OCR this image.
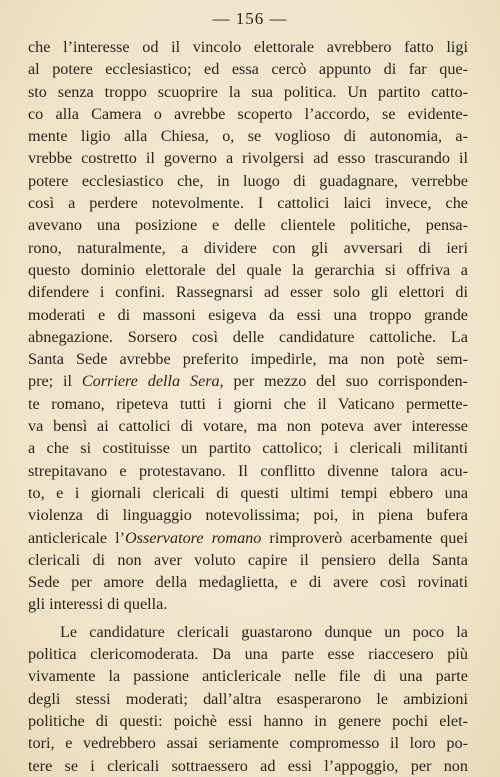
— 156 —
che l’interesse od il vincolo elettorale avrebbero fatto ligi
al potere ecclesiastico; ed essa cercò appunto di far que-
sto senza troppo scuoprire la sua politica. Un partito catto-
co alla Camera o avrebbe scoperto l’accordo, se evidente-
mente ligio alla Chiesa, o, se voglioso di autonomia, a-
vrebbe costretto il governo a rivolgersi ad esso trascurando il
potere ecclesiastico che, in luogo di guadagnare, verrebbe
così a perdere notevolmente. I cattolici laici invece, che
avevano una posizione e delle clientele politiche, pensa-
rono, naturalmente, a dividere con gli avversari di ieri
questo dominio elettorale del quale la gerarchia si offriva a
difendere i confini. Rassegnarsi ad esser solo gli elettori di
moderati e di massoni esigeva da essi una troppo grande
abnegazione. Sorsero così delle candidature cattoliche. La
Santa Sede avrebbe preferito impedirle, ma non potè sem-
pre; il Corriere della Sera, per mezzo del suo corrisponden-
te romano, ripeteva tutti i giorni che il Vaticano permette-
va bensì ai cattolici di votare, ma non poteva aver interesse
a che si costituisse un partito cattolico; i clericali militanti
strepitavano e protestavano. Il conflitto divenne talora acu-
to, e i giornali clericali di questi ultimi tempi ebbero una
violenza di linguaggio notevolissima; poi, in piena bufera
anticlericale l’Osservatore romano rimproverò acerbamente quei
clericali di non aver voluto capire il pensiero della Santa
Sede per amore della medaglietta, e di avere così rovinati
gli interessi di quella.
Le candidature clericali guastarono dunque un poco la
politica clericomoderata. Da una parte esse riaccesero più
vivamente la passione anticlericale nelle file di una parte
degli stessi moderati; dall’altra esasperarono le ambizioni
politiche di questi: poichè essi hanno in genere pochi elet-
tori, e vedrebbero assai seriamente compromesso il loro po-
tere se i clericali sottraessero ad essi l’appoggio, per non
